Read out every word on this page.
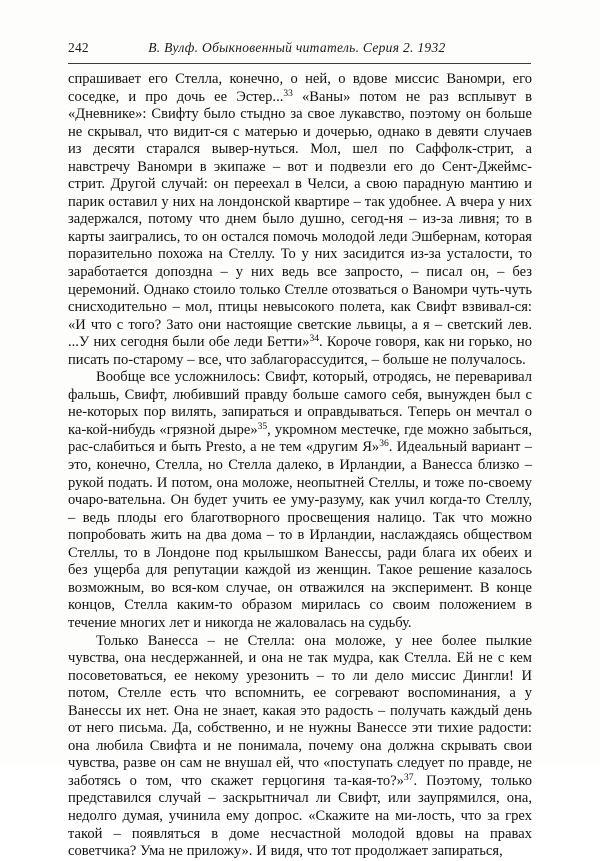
242	В. Вулф. Обыкновенный читатель. Серия 2. 1932

спрашивает его Стелла, конечно, о ней, о вдове миссис Ваномри, его соседке, и про дочь ее Эстер...$^{33}$ «Ваны» потом не раз всплывут в «Дневнике»: Свифту было стыдно за свое лукавство, поэтому он больше не скрывал, что видит-ся с матерью и дочерью, однако в девяти случаев из десяти старался вывер-нуться. Мол, шел по Саффолк-стрит, а навстречу Ваномри в экипаже – вот и подвезли его до Сент-Джеймс-стрит. Другой случай: он переехал в Челси, а свою парадную мантию и парик оставил у них на лондонской квартире – так удобнее. А вчера у них задержался, потому что днем было душно, сегод-ня – из-за ливня; то в карты заигрались, то он остался помочь молодой леди Эшбернам, которая поразительно похожа на Стеллу. То у них засидится из-за усталости, то заработается допоздна – у них ведь все запросто, – писал он, – без церемоний. Однако стоило только Стелле отозваться о Ваномри чуть-чуть снисходительно – мол, птицы невысокого полета, как Свифт взвивал-ся: «И что с того? Зато они настоящие светские львицы, а я – светский лев. ...У них сегодня были обе леди Бетти»$^{34}$. Короче говоря, как ни горько, но писать по-старому – все, что заблагорассудится, – больше не получалось.

Вообще все усложнилось: Свифт, который, отродясь, не переваривал фальшь, Свифт, любивший правду больше самого себя, вынужден был с не-которых пор вилять, запираться и оправдываться. Теперь он мечтал о ка-кой-нибудь «грязной дыре»$^{35}$, укромном местечке, где можно забыться, рас-слабиться и быть Presto, а не тем «другим Я»$^{36}$. Идеальный вариант – это, конечно, Стелла, но Стелла далеко, в Ирландии, а Ванесса близко – рукой подать. И потом, она моложе, неопытней Стеллы, и тоже по-своему очаро-вательна. Он будет учить ее уму-разуму, как учил когда-то Стеллу, – ведь плоды его благотворного просвещения налицо. Так что можно попробовать жить на два дома – то в Ирландии, наслаждаясь обществом Стеллы, то в Лондоне под крылышком Ванессы, ради блага их обеих и без ущерба для репутации каждой из женщин. Такое решение казалось возможным, во вся-ком случае, он отважился на эксперимент. В конце концов, Стелла каким-то образом мирилась со своим положением в течение многих лет и никогда не жаловалась на судьбу.

Только Ванесса – не Стелла: она моложе, у нее более пылкие чувства, она несдержанней, и она не так мудра, как Стелла. Ей не с кем посоветоваться, ее некому урезонить – то ли дело миссис Дингли! И потом, Стелле есть что вспомнить, ее согревают воспоминания, а у Ванессы их нет. Она не знает, какая это радость – получать каждый день от него письма. Да, собственно, и не нужны Ванессе эти тихие радости: она любила Свифта и не понимала, почему она должна скрывать свои чувства, разве он сам не внушал ей, что «поступать следует по правде, не заботясь о том, что скажет герцогиня та-кая-то?»$^{37}$. Поэтому, только представился случай – заскрытничал ли Свифт, или заупрямился, она, недолго думая, учинила ему допрос. «Скажите на ми-лость, что за грех такой – появляться в доме несчастной молодой вдовы на правах советчика? Ума не приложу». И видя, что тот продолжает запираться,
